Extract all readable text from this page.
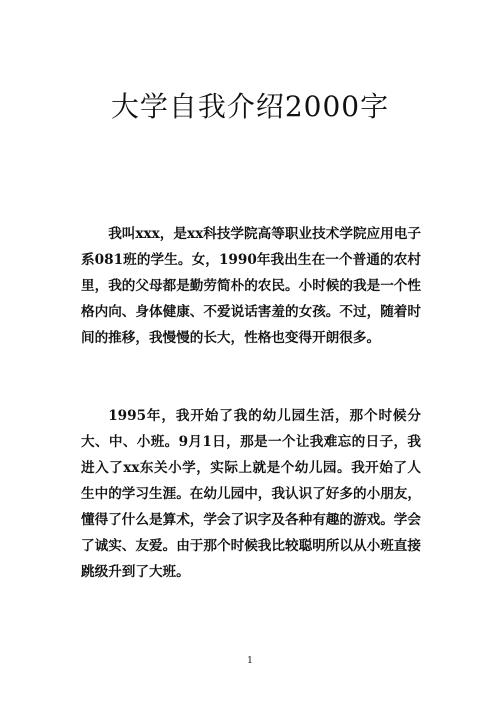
大学自我介绍2000字

我叫xxx，是xx科技学院高等职业技术学院应用电子系081班的学生。女，1990年我出生在一个普通的农村里，我的父母都是勤劳简朴的农民。小时候的我是一个性格内向、身体健康、不爱说话害羞的女孩。不过，随着时间的推移，我慢慢的长大，性格也变得开朗很多。

1995年，我开始了我的幼儿园生活，那个时候分大、中、小班。9月1日，那是一个让我难忘的日子，我进入了xx东关小学，实际上就是个幼儿园。我开始了人生中的学习生涯。在幼儿园中，我认识了好多的小朋友，懂得了什么是算术，学会了识字及各种有趣的游戏。学会了诚实、友爱。由于那个时候我比较聪明所以从小班直接跳级升到了大班。

1
